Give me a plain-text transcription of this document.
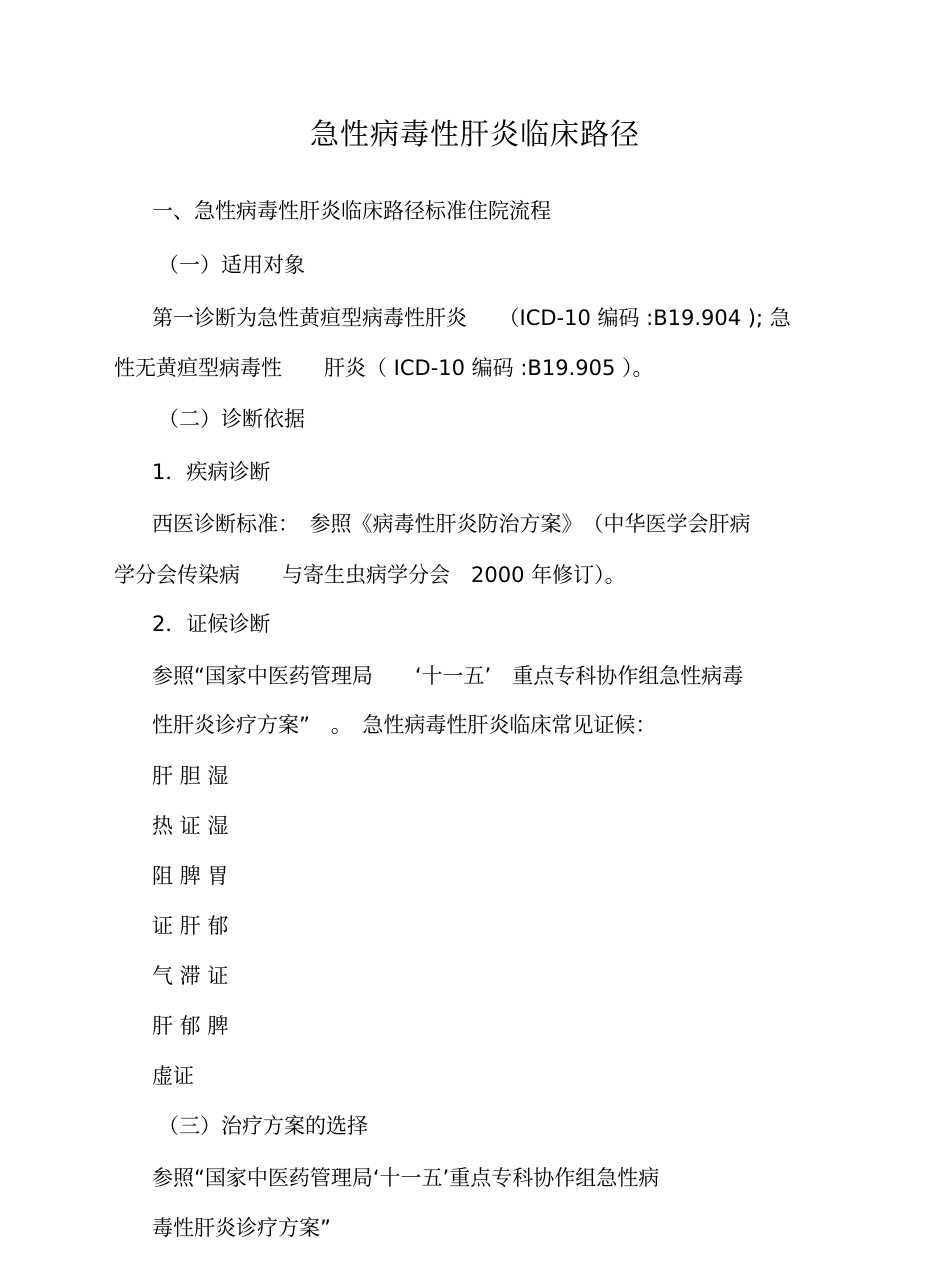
急性病毒性肝炎临床路径

一、急性病毒性肝炎临床路径标准住院流程

（一）适用对象

第一诊断为急性黄疸型病毒性肝炎　　（ICD-10 编码 :B19.904 ); 急

性无黄疸型病毒性　　肝炎（ ICD-10 编码 :B19.905 ）。

（二）诊断依据

1．疾病诊断

西医诊断标准：　参照《病毒性肝炎防治方案》　（中华医学会肝病

学分会传染病　　与寄生虫病学分会　2000 年修订）。

2．证候诊断

参照“国家中医药管理局　　‘十一五’　重点专科协作组急性病毒

性肝炎诊疗方案”　。　急性病毒性肝炎临床常见证候：

肝 胆 湿

热 证 湿

阻 脾 胃

证 肝 郁

气 滞 证

肝 郁 脾

虚证

（三）治疗方案的选择

参照“国家中医药管理局‘十一五’重点专科协作组急性病

毒性肝炎诊疗方案”
